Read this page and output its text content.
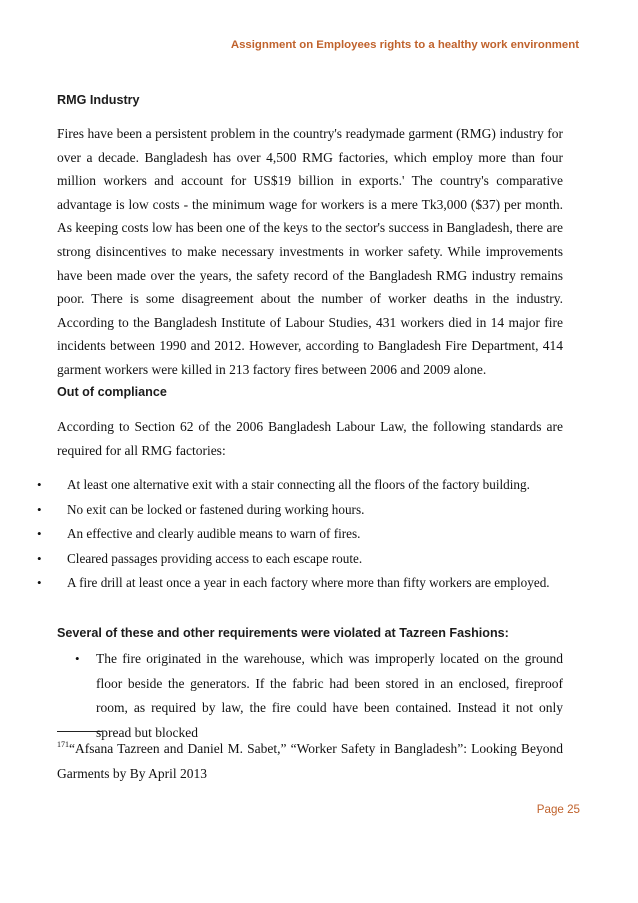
Assignment on Employees rights to a healthy work environment
RMG Industry

Fires have been a persistent problem in the country's readymade garment (RMG) industry for over a decade. Bangladesh has over 4,500 RMG factories, which employ more than four million workers and account for US$19 billion in exports.' The country's comparative advantage is low costs - the minimum wage for workers is a mere Tk3,000 ($37) per month. As keeping costs low has been one of the keys to the sector's success in Bangladesh, there are strong disincentives to make necessary investments in worker safety. While improvements have been made over the years, the safety record of the Bangladesh RMG industry remains poor. There is some disagreement about the number of worker deaths in the industry. According to the Bangladesh Institute of Labour Studies, 431 workers died in 14 major fire incidents between 1990 and 2012. However, according to Bangladesh Fire Department, 414 garment workers were killed in 213 factory fires between 2006 and 2009 alone.

Out of compliance

According to Section 62 of the 2006 Bangladesh Labour Law, the following standards are required for all RMG factories:

• At least one alternative exit with a stair connecting all the floors of the factory building.
• No exit can be locked or fastened during working hours.
• An effective and clearly audible means to warn of fires.
• Cleared passages providing access to each escape route.
• A fire drill at least once a year in each factory where more than fifty workers are employed.
Several of these and other requirements were violated at Tazreen Fashions:
• The fire originated in the warehouse, which was improperly located on the ground floor beside the generators. If the fabric had been stored in an enclosed, fireproof room, as required by law, the fire could have been contained. Instead it not only spread but blocked
$^{171}$“Afsana Tazreen and Daniel M. Sabet,” “Worker Safety in Bangladesh”: Looking Beyond Garments by By April 2013
Page 25
